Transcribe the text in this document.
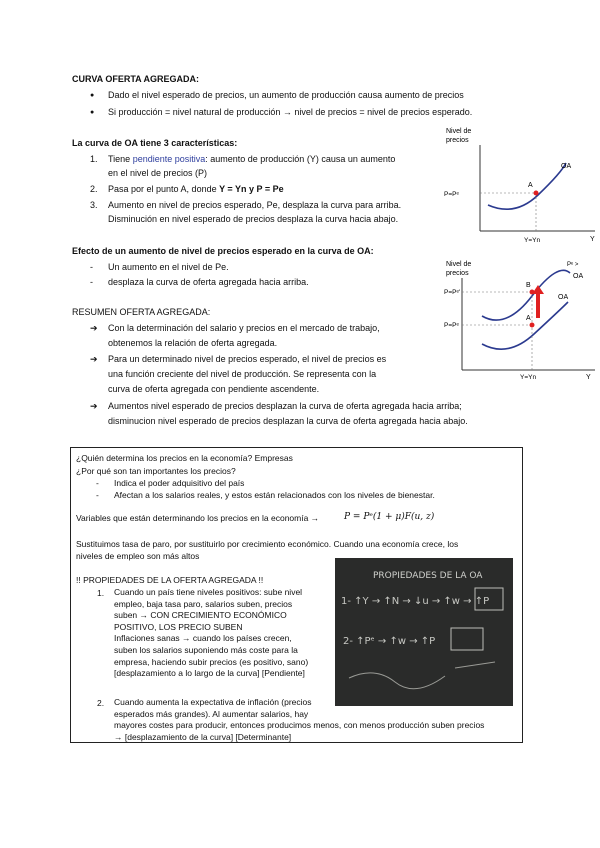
CURVA OFERTA AGREGADA:
● Dado el nivel esperado de precios, un aumento de producción causa aumento de precios
● Si producción = nivel natural de producción → nivel de precios = nivel de precios esperado.
La curva de OA tiene 3 características:
1. Tiene pendiente positiva: aumento de producción (Y) causa un aumento
en el nivel de precios (P)
2. Pasa por el punto A, donde Y = Yn y P = Pe
3. Aumento en nivel de precios esperado, Pe, desplaza la curva para arriba.
Disminución en nivel esperado de precios desplaza la curva hacia abajo.
Efecto de un aumento de nivel de precios esperado en la curva de OA:
- Un aumento en el nivel de Pe.
- desplaza la curva de oferta agregada hacia arriba.
RESUMEN OFERTA AGREGADA:
➔ Con la determinación del salario y precios en el mercado de trabajo,
obtenemos la relación de oferta agregada.
➔ Para un determinado nivel de precios esperado, el nivel de precios es
una función creciente del nivel de producción. Se representa con la
curva de oferta agregada con pendiente ascendente.
➔ Aumentos nivel esperado de precios desplazan la curva de oferta agregada hacia arriba;
disminucion nivel esperado de precios desplazan la curva de oferta agregada hacia abajo.
Nivel de
precios
A
OA
P=Pᵉ
Y=Yn	Y
Nivel de
precios
Pᵉ >
B
A
OA
OA
P=Pᵉ'
P=Pᵉ
Y=Yn	Y
¿Quién determina los precios en la economía? Empresas
¿Por qué son tan importantes los precios?
- Indica el poder adquisitivo del país
- Afectan a los salarios reales, y estos están relacionados con los niveles de bienestar.
Variables que están determinando los precios en la economía →	P = Pᵉ(1 + μ)F(u, z)
Sustituimos tasa de paro, por sustituirlo por crecimiento económico. Cuando una economía crece, los
niveles de empleo son más altos
!! PROPIEDADES DE LA OFERTA AGREGADA !!
1. Cuando un país tiene niveles positivos: sube nivel
empleo, baja tasa paro, salarios suben, precios
suben → CON CRECIMIENTO ECONÓMICO
POSITIVO, LOS PRECIO SUBEN
Inflaciones sanas → cuando los países crecen,
suben los salarios suponiendo más coste para la
empresa, haciendo subir precios (es positivo, sano)
[desplazamiento a lo largo de la curva] [Pendiente]
2. Cuando aumenta la expectativa de inflación (precios
esperados más grandes). Al aumentar salarios, hay
mayores costes para producir, entonces producimos menos, con menos producción suben precios
→ [desplazamiento de la curva] [Determinante]
PROPIEDADES DE LA OA
1- ↑Y → ↑N → ↓u → ↑w → ↑P
2- ↑Pᵉ → ↑w → ↑P
